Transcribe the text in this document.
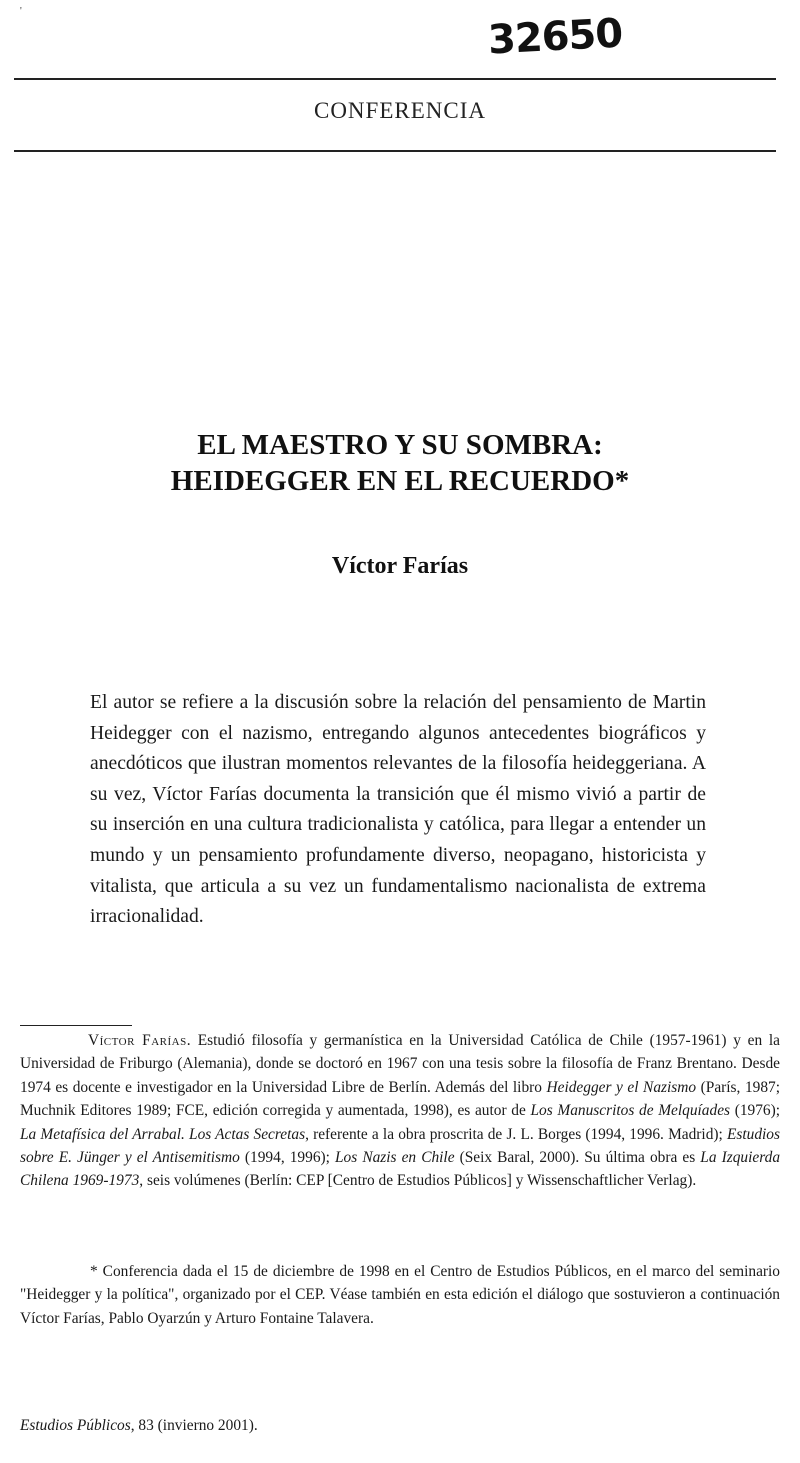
'	32650
CONFERENCIA
EL MAESTRO Y SU SOMBRA:
HEIDEGGER EN EL RECUERDO*
Víctor Farías

El autor se refiere a la discusión sobre la relación del pensamiento de Martin Heidegger con el nazismo, entregando algunos antecedentes biográficos y anecdóticos que ilustran momentos relevantes de la filosofía heideggeriana. A su vez, Víctor Farías documenta la transición que él mismo vivió a partir de su inserción en una cultura tradicionalista y católica, para llegar a entender un mundo y un pensamiento profundamente diverso, neopagano, historicista y vitalista, que articula a su vez un fundamentalismo nacionalista de extrema irracionalidad.

Víctor Farías. Estudió filosofía y germanística en la Universidad Católica de Chile (1957-1961) y en la Universidad de Friburgo (Alemania), donde se doctoró en 1967 con una tesis sobre la filosofía de Franz Brentano. Desde 1974 es docente e investigador en la Universidad Libre de Berlín. Además del libro Heidegger y el Nazismo (París, 1987; Muchnik Editores 1989; FCE, edición corregida y aumentada, 1998), es autor de Los Manuscritos de Melquíades (1976); La Metafísica del Arrabal. Los Actas Secretas, referente a la obra proscrita de J. L. Borges (1994, 1996. Madrid); Estudios sobre E. Jünger y el Antisemitismo (1994, 1996); Los Nazis en Chile (Seix Baral, 2000). Su última obra es La Izquierda Chilena 1969-1973, seis volúmenes (Berlín: CEP [Centro de Estudios Públicos] y Wissenschaftlicher Verlag).

* Conferencia dada el 15 de diciembre de 1998 en el Centro de Estudios Públicos, en el marco del seminario "Heidegger y la política", organizado por el CEP. Véase también en esta edición el diálogo que sostuvieron a continuación Víctor Farías, Pablo Oyarzún y Arturo Fontaine Talavera.

Estudios Públicos, 83 (invierno 2001).
